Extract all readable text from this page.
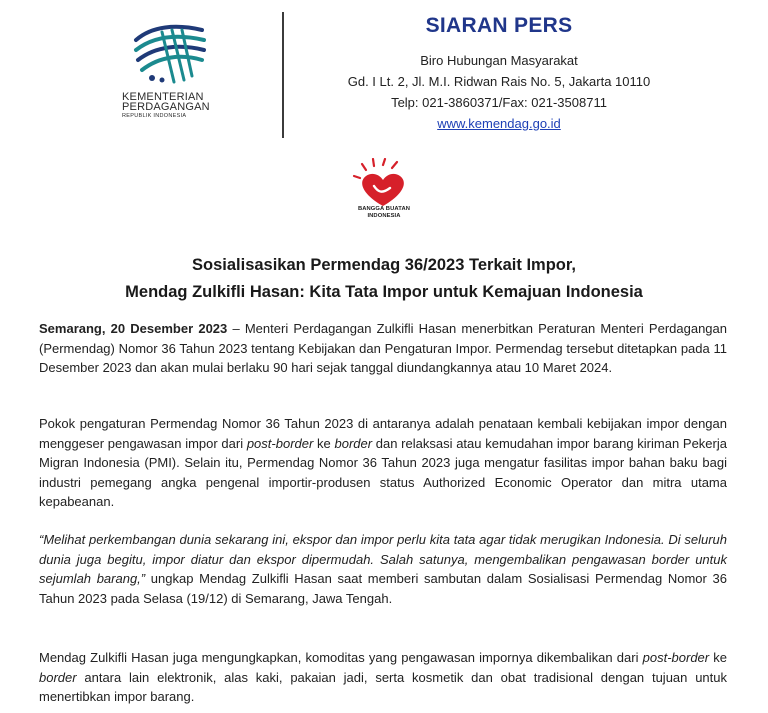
KEMENTERIAN
PERDAGANGAN
REPUBLIK INDONESIA
SIARAN PERS
Biro Hubungan Masyarakat
Gd. I Lt. 2, Jl. M.I. Ridwan Rais No. 5, Jakarta 10110
Telp: 021-3860371/Fax: 021-3508711
www.kemendag.go.id
BANGGA BUATAN
INDONESIA
Sosialisasikan Permendag 36/2023 Terkait Impor,
Mendag Zulkifli Hasan: Kita Tata Impor untuk Kemajuan Indonesia
Semarang, 20 Desember 2023 – Menteri Perdagangan Zulkifli Hasan menerbitkan Peraturan Menteri Perdagangan (Permendag) Nomor 36 Tahun 2023 tentang Kebijakan dan Pengaturan Impor. Permendag tersebut ditetapkan pada 11 Desember 2023 dan akan mulai berlaku 90 hari sejak tanggal diundangkannya atau 10 Maret 2024.
Pokok pengaturan Permendag Nomor 36 Tahun 2023 di antaranya adalah penataan kembali kebijakan impor dengan menggeser pengawasan impor dari post-border ke border dan relaksasi atau kemudahan impor barang kiriman Pekerja Migran Indonesia (PMI). Selain itu, Permendag Nomor 36 Tahun 2023 juga mengatur fasilitas impor bahan baku bagi industri pemegang angka pengenal importir-produsen status Authorized Economic Operator dan mitra utama kepabeanan.
“Melihat perkembangan dunia sekarang ini, ekspor dan impor perlu kita tata agar tidak merugikan Indonesia. Di seluruh dunia juga begitu, impor diatur dan ekspor dipermudah. Salah satunya, mengembalikan pengawasan border untuk sejumlah barang,” ungkap Mendag Zulkifli Hasan saat memberi sambutan dalam Sosialisasi Permendag Nomor 36 Tahun 2023 pada Selasa (19/12) di Semarang, Jawa Tengah.
Mendag Zulkifli Hasan juga mengungkapkan, komoditas yang pengawasan impornya dikembalikan dari post-border ke border antara lain elektronik, alas kaki, pakaian jadi, serta kosmetik dan obat tradisional dengan tujuan untuk menertibkan impor barang.
